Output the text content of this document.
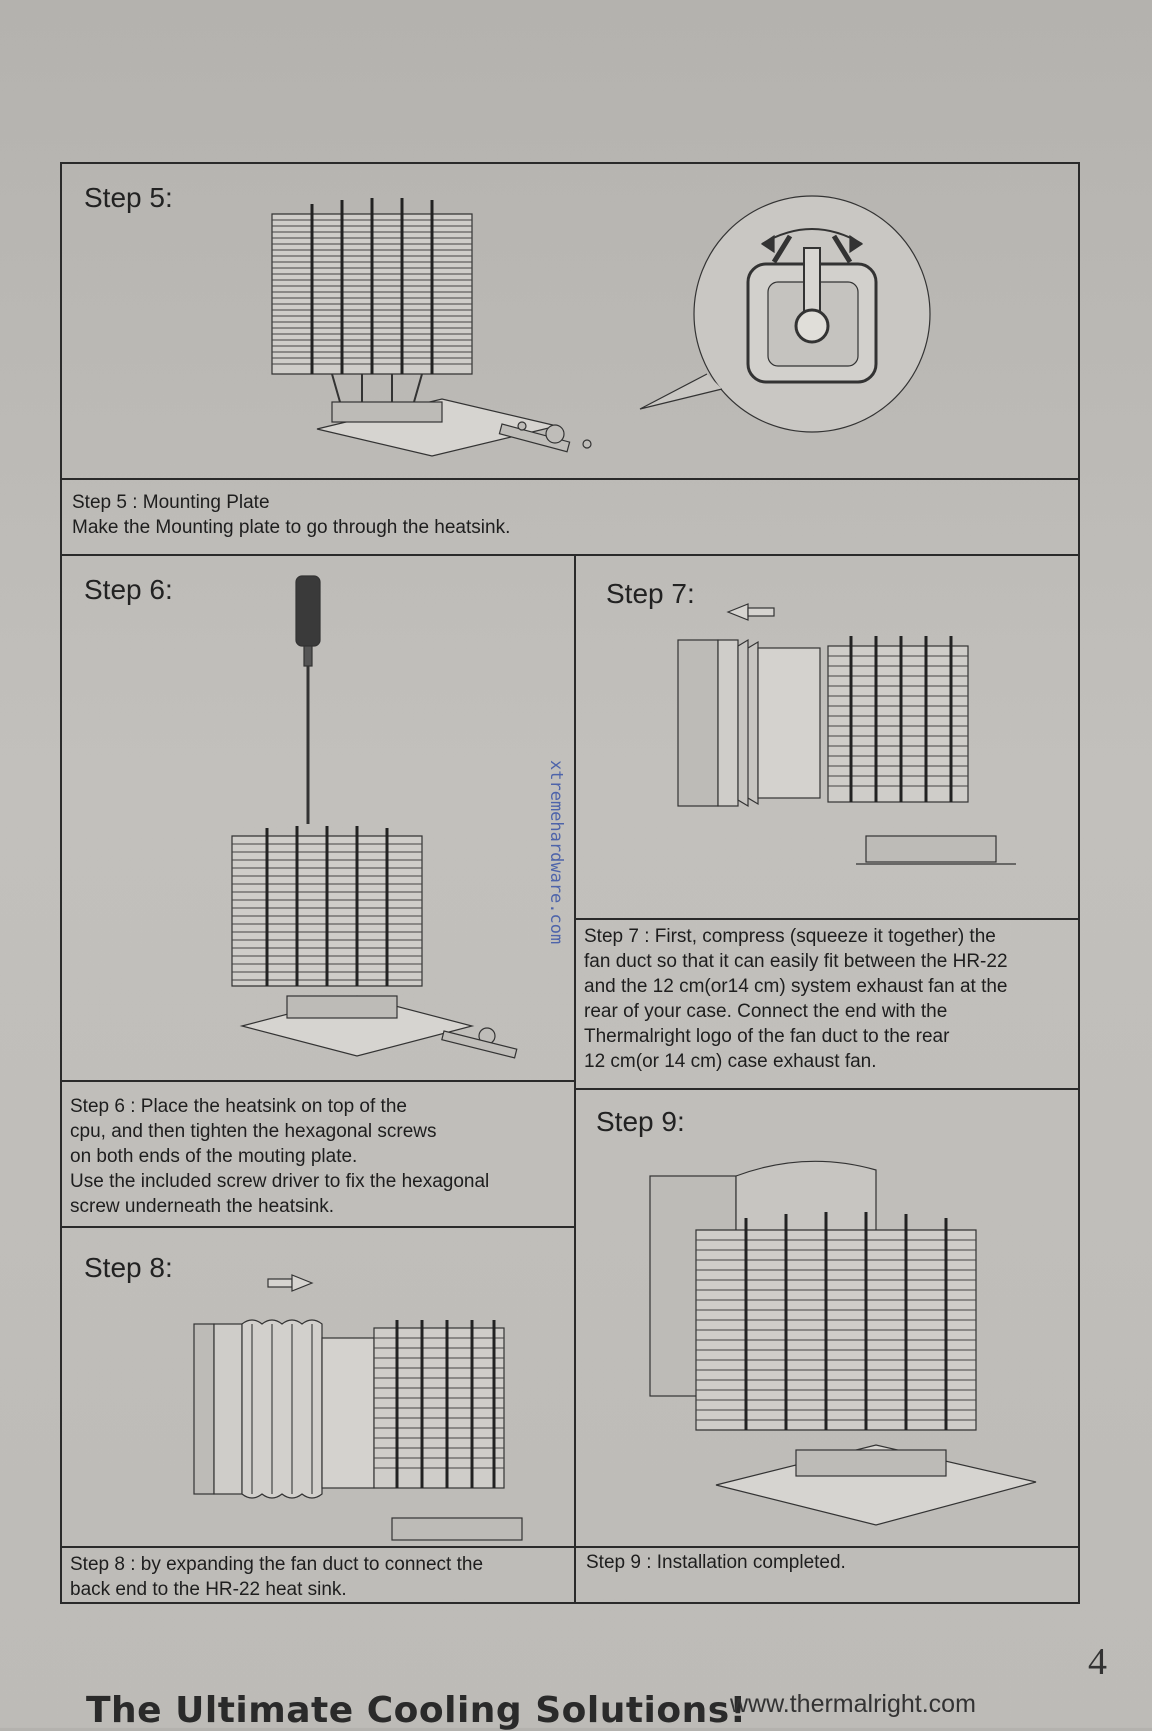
Step 5:
Step 5 : Mounting Plate
Make the Mounting plate to go through the heatsink.
Step 6:	Step 7:
Step 7 : First, compress (squeeze it together) the
fan duct so that it can easily fit between the HR-22
and the 12 cm(or14 cm) system exhaust fan at the
rear of your case. Connect the end with the
Thermalright logo of the fan duct to the rear
12 cm(or 14 cm) case exhaust fan.
Step 6 : Place the heatsink on top of the
cpu, and then tighten the hexagonal screws
on both ends of the mouting plate.
Use the included screw driver to fix the hexagonal
screw underneath the heatsink.
Step 9:
Step 8:
Step 8 : by expanding the fan duct to connect the
back end to the HR-22 heat sink.
Step 9 : Installation completed.
xtremehardware.com
4
The Ultimate Cooling Solutions!
www.thermalright.com
